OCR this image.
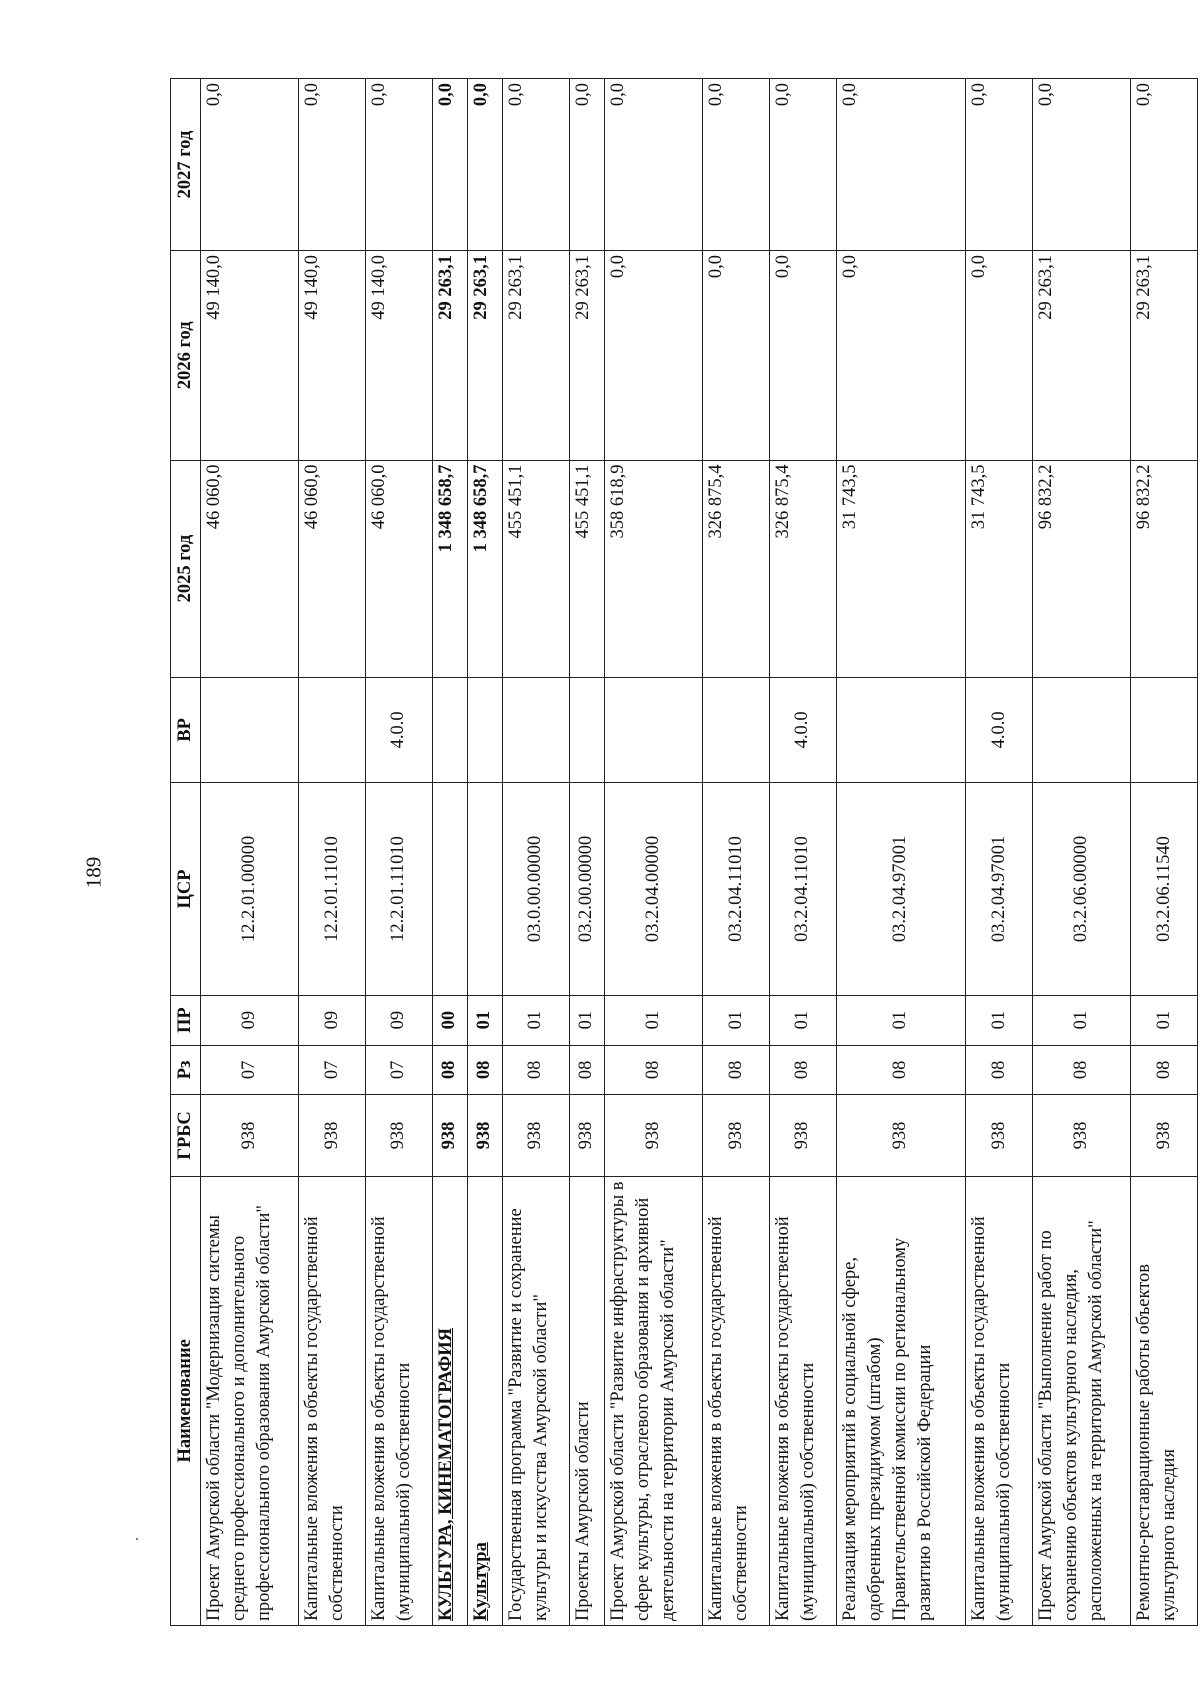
189
Наименование	ГРБС	Рз	ПР	ЦСР	ВР	2025 год	2026 год	2027 год
Проект Амурской области "Модернизация системы среднего профессионального и дополнительного профессионального образования Амурской области"	938	07	09	12.2.01.00000		46 060,0	49 140,0	0,0
Капитальные вложения в объекты государственной собственности	938	07	09	12.2.01.11010		46 060,0	49 140,0	0,0
Капитальные вложения в объекты государственной (муниципальной) собственности	938	07	09	12.2.01.11010	4.0.0	46 060,0	49 140,0	0,0
КУЛЬТУРА, КИНЕМАТОГРАФИЯ	938	08	00			1 348 658,7	29 263,1	0,0
Культура	938	08	01			1 348 658,7	29 263,1	0,0
Государственная программа "Развитие и сохранение культуры и искусства Амурской области"	938	08	01	03.0.00.00000		455 451,1	29 263,1	0,0
Проекты Амурской области	938	08	01	03.2.00.00000		455 451,1	29 263,1	0,0
Проект Амурской области "Развитие инфраструктуры в сфере культуры, отраслевого образования и архивной деятельности на территории Амурской области"	938	08	01	03.2.04.00000		358 618,9	0,0	0,0
Капитальные вложения в объекты государственной собственности	938	08	01	03.2.04.11010		326 875,4	0,0	0,0
Капитальные вложения в объекты государственной (муниципальной) собственности	938	08	01	03.2.04.11010	4.0.0	326 875,4	0,0	0,0
Реализация мероприятий в социальной сфере, одобренных президиумом (штабом) Правительственной комиссии по региональному развитию в Российской Федерации	938	08	01	03.2.04.97001		31 743,5	0,0	0,0
Капитальные вложения в объекты государственной (муниципальной) собственности	938	08	01	03.2.04.97001	4.0.0	31 743,5	0,0	0,0
Проект Амурской области "Выполнение работ по сохранению объектов культурного наследия, расположенных на территории Амурской области"	938	08	01	03.2.06.00000		96 832,2	29 263,1	0,0
Ремонтно-реставрационные работы объектов культурного наследия	938	08	01	03.2.06.11540		96 832,2	29 263,1	0,0
